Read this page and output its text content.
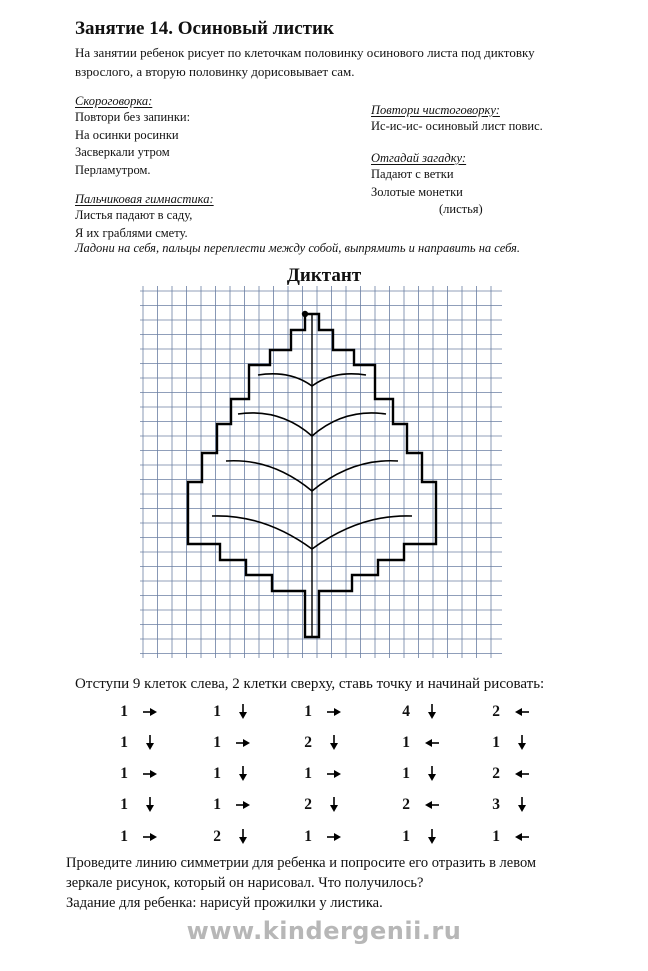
Занятие 14. Осиновый листик
На занятии ребенок рисует по клеточкам половинку осинового листа под диктовку взрослого, а вторую половинку дорисовывает сам.
Скороговорка:
Повтори без запинки:
На осинки росинки
Засверкали утром
Перламутром.
Повтори чистоговорку:
Ис-ис-ис- осиновый лист повис.
Отгадай загадку:
Падают с ветки
Золотые монетки
(листья)
Пальчиковая гимнастика:
Листья падают в саду,
Я их граблями смету.
Ладони на себя, пальцы переплести между собой, выпрямить и направить на себя.
Диктант
Отступи 9 клеток слева, 2 клетки сверху, ставь точку и начинай рисовать:
1	1	1	4	2
1	1	2	1	1
1	1	1	1	2
1	1	2	2	3
1	2	1	1	1
Проведите линию симметрии для ребенка и попросите его отразить в левом
зеркале рисунок, который он нарисовал. Что получилось?
Задание для ребенка: нарисуй прожилки у листика.
www.kindergenii.ru
